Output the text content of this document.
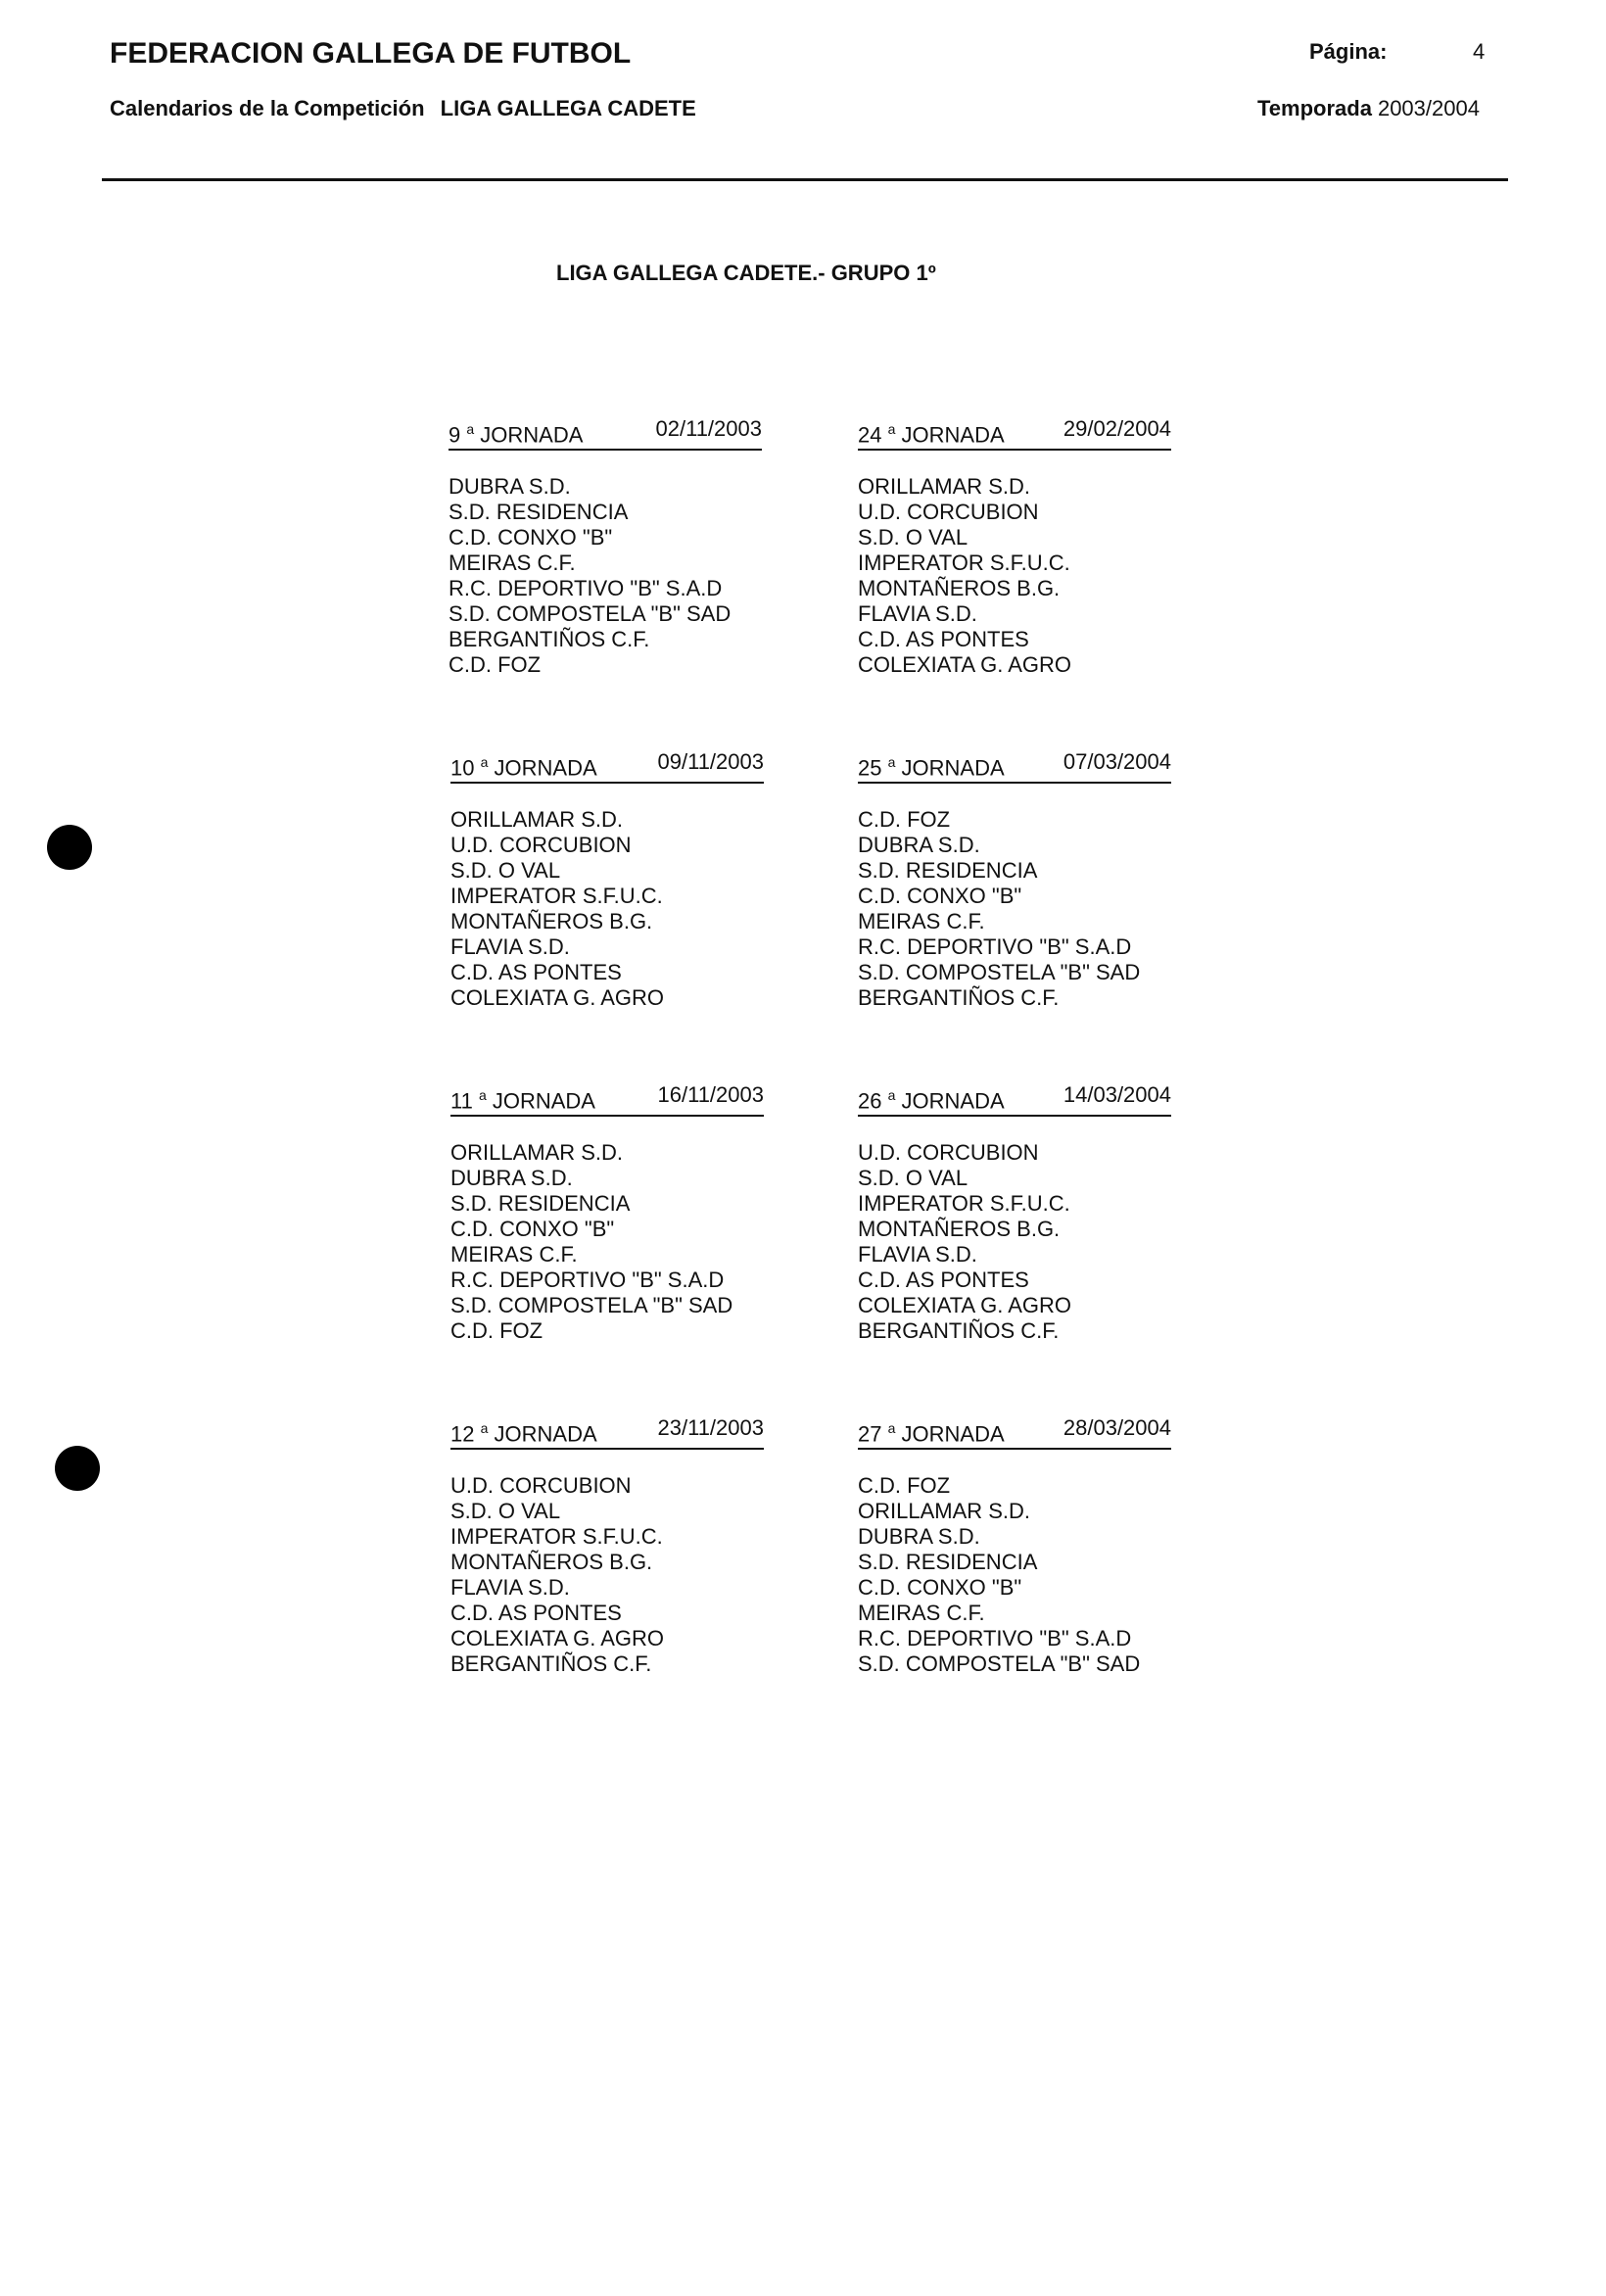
FEDERACION GALLEGA DE FUTBOL
Calendarios de la Competición LIGA GALLEGA CADETE
Página:	4
Temporada 2003/2004
LIGA GALLEGA CADETE.- GRUPO 1º
9 $^a$ JORNADA	02/11/2003
DUBRA S.D.
S.D. RESIDENCIA
C.D. CONXO "B"
MEIRAS C.F.
R.C. DEPORTIVO "B" S.A.D
S.D. COMPOSTELA "B" SAD
BERGANTIÑOS C.F.
C.D. FOZ
24 $^a$ JORNADA	29/02/2004
ORILLAMAR S.D.
U.D. CORCUBION
S.D. O VAL
IMPERATOR S.F.U.C.
MONTAÑEROS B.G.
FLAVIA S.D.
C.D. AS PONTES
COLEXIATA G. AGRO
10 $^a$ JORNADA	09/11/2003
ORILLAMAR S.D.
U.D. CORCUBION
S.D. O VAL
IMPERATOR S.F.U.C.
MONTAÑEROS B.G.
FLAVIA S.D.
C.D. AS PONTES
COLEXIATA G. AGRO
25 $^a$ JORNADA	07/03/2004
C.D. FOZ
DUBRA S.D.
S.D. RESIDENCIA
C.D. CONXO "B"
MEIRAS C.F.
R.C. DEPORTIVO "B" S.A.D
S.D. COMPOSTELA "B" SAD
BERGANTIÑOS C.F.
11 $^a$ JORNADA	16/11/2003
ORILLAMAR S.D.
DUBRA S.D.
S.D. RESIDENCIA
C.D. CONXO "B"
MEIRAS C.F.
R.C. DEPORTIVO "B" S.A.D
S.D. COMPOSTELA "B" SAD
C.D. FOZ
26 $^a$ JORNADA	14/03/2004
U.D. CORCUBION
S.D. O VAL
IMPERATOR S.F.U.C.
MONTAÑEROS B.G.
FLAVIA S.D.
C.D. AS PONTES
COLEXIATA G. AGRO
BERGANTIÑOS C.F.
12 $^a$ JORNADA	23/11/2003
U.D. CORCUBION
S.D. O VAL
IMPERATOR S.F.U.C.
MONTAÑEROS B.G.
FLAVIA S.D.
C.D. AS PONTES
COLEXIATA G. AGRO
BERGANTIÑOS C.F.
27 $^a$ JORNADA	28/03/2004
C.D. FOZ
ORILLAMAR S.D.
DUBRA S.D.
S.D. RESIDENCIA
C.D. CONXO "B"
MEIRAS C.F.
R.C. DEPORTIVO "B" S.A.D
S.D. COMPOSTELA "B" SAD
